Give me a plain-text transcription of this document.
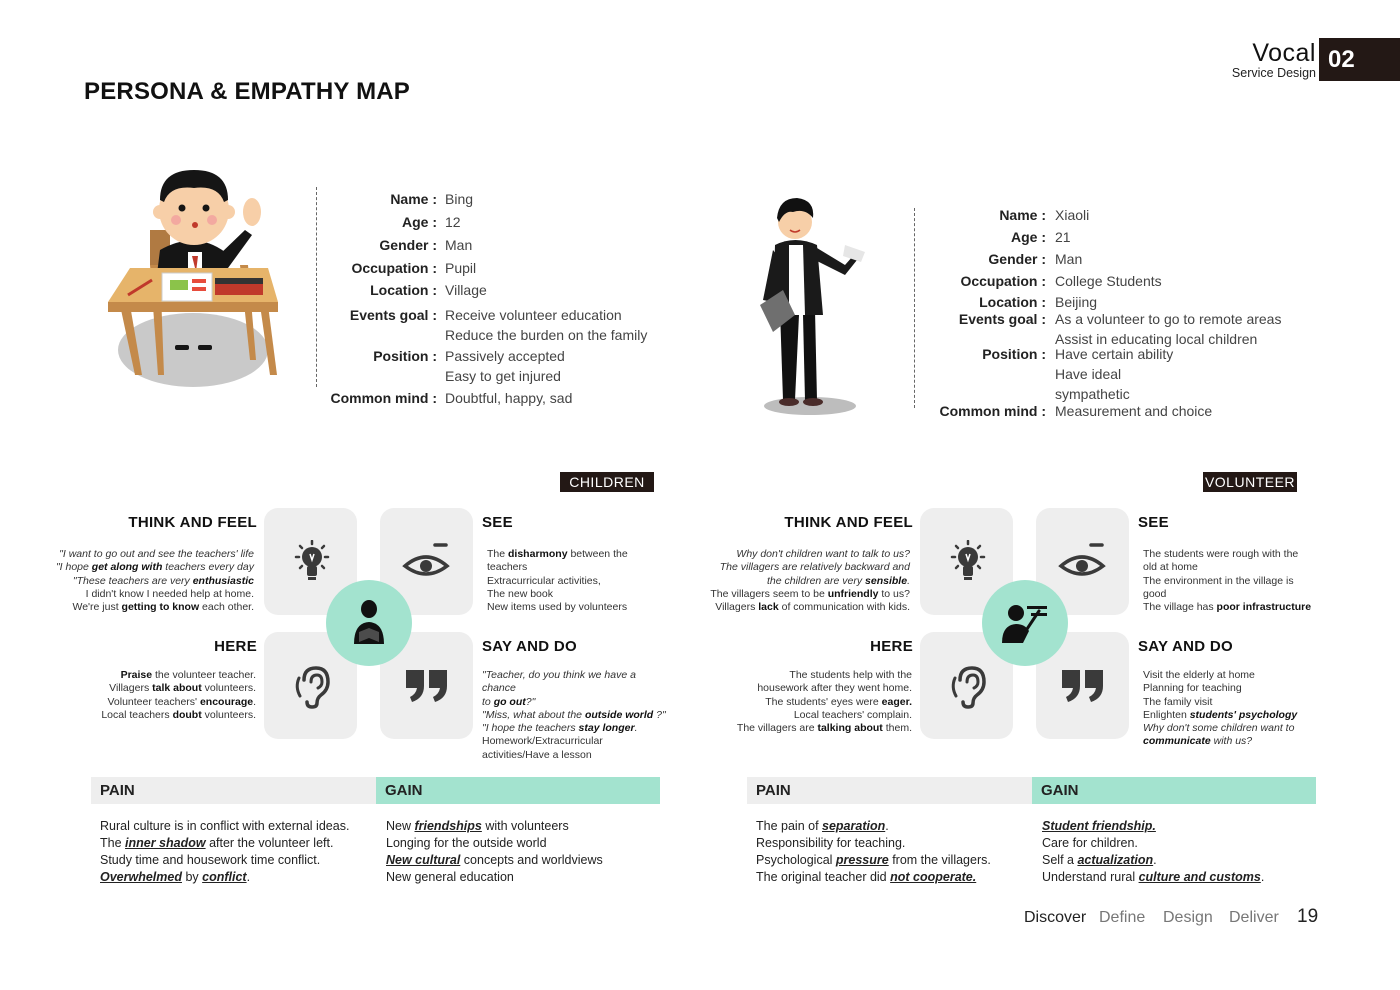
Vocal
Service Design 02
PERSONA & EMPATHY MAP
Name : Bing
Age : 12
Gender : Man
Occupation : Pupil
Location : Village
Events goal : Receive volunteer education
Reduce the burden on the family
Position : Passively accepted
Easy to get injured
Common mind : Doubtful, happy, sad
Name : Xiaoli
Age : 21
Gender : Man
Occupation : College Students
Location : Beijing
Events goal : As a volunteer to go to remote areas
Assist in educating local children
Position : Have certain ability
Have ideal
sympathetic
Common mind : Measurement and choice
CHILDREN
THINK AND FEEL	SEE
HERE	SAY AND DO
"I want to go out and see the teachers' life
"I hope get along with teachers every day
"These teachers are very enthusiastic
I didn't know I needed help at home.
We're just getting to know each other.
The disharmony between the
teachers
Extracurricular activities,
The new book
New items used by volunteers
Praise the volunteer teacher.
Villagers talk about volunteers.
Volunteer teachers' encourage.
Local teachers doubt volunteers.
"Teacher, do you think we have a chance
to go out?"
"Miss, what about the outside world ?"
"I hope the teachers stay longer.
Homework/Extracurricular
activities/Have a lesson
PAIN	GAIN
Rural culture is in conflict with external ideas.
The inner shadow after the volunteer left.
Study time and housework time conflict.
Overwhelmed by conflict.
New friendships with volunteers
Longing for the outside world
New cultural concepts and worldviews
New general education
VOLUNTEER
THINK AND FEEL	SEE
HERE	SAY AND DO
Why don't children want to talk to us?
The villagers are relatively backward and
the children are very sensible.
The villagers seem to be unfriendly to us?
Villagers lack of communication with kids.
The students were rough with the
old at home
The environment in the village is
good
The village has poor infrastructure
The students help with the
housework after they went home.
The students' eyes were eager.
Local teachers' complain.
The villagers are talking about them.
Visit the elderly at home
Planning for teaching
The family visit
Enlighten students' psychology
Why don't some children want to
communicate with us?
PAIN	GAIN
The pain of separation.
Responsibility for teaching.
Psychological pressure from the villagers.
The original teacher did not cooperate.
Student friendship.
Care for children.
Self a actualization.
Understand rural culture and customs.
Discover Define Design Deliver 19
